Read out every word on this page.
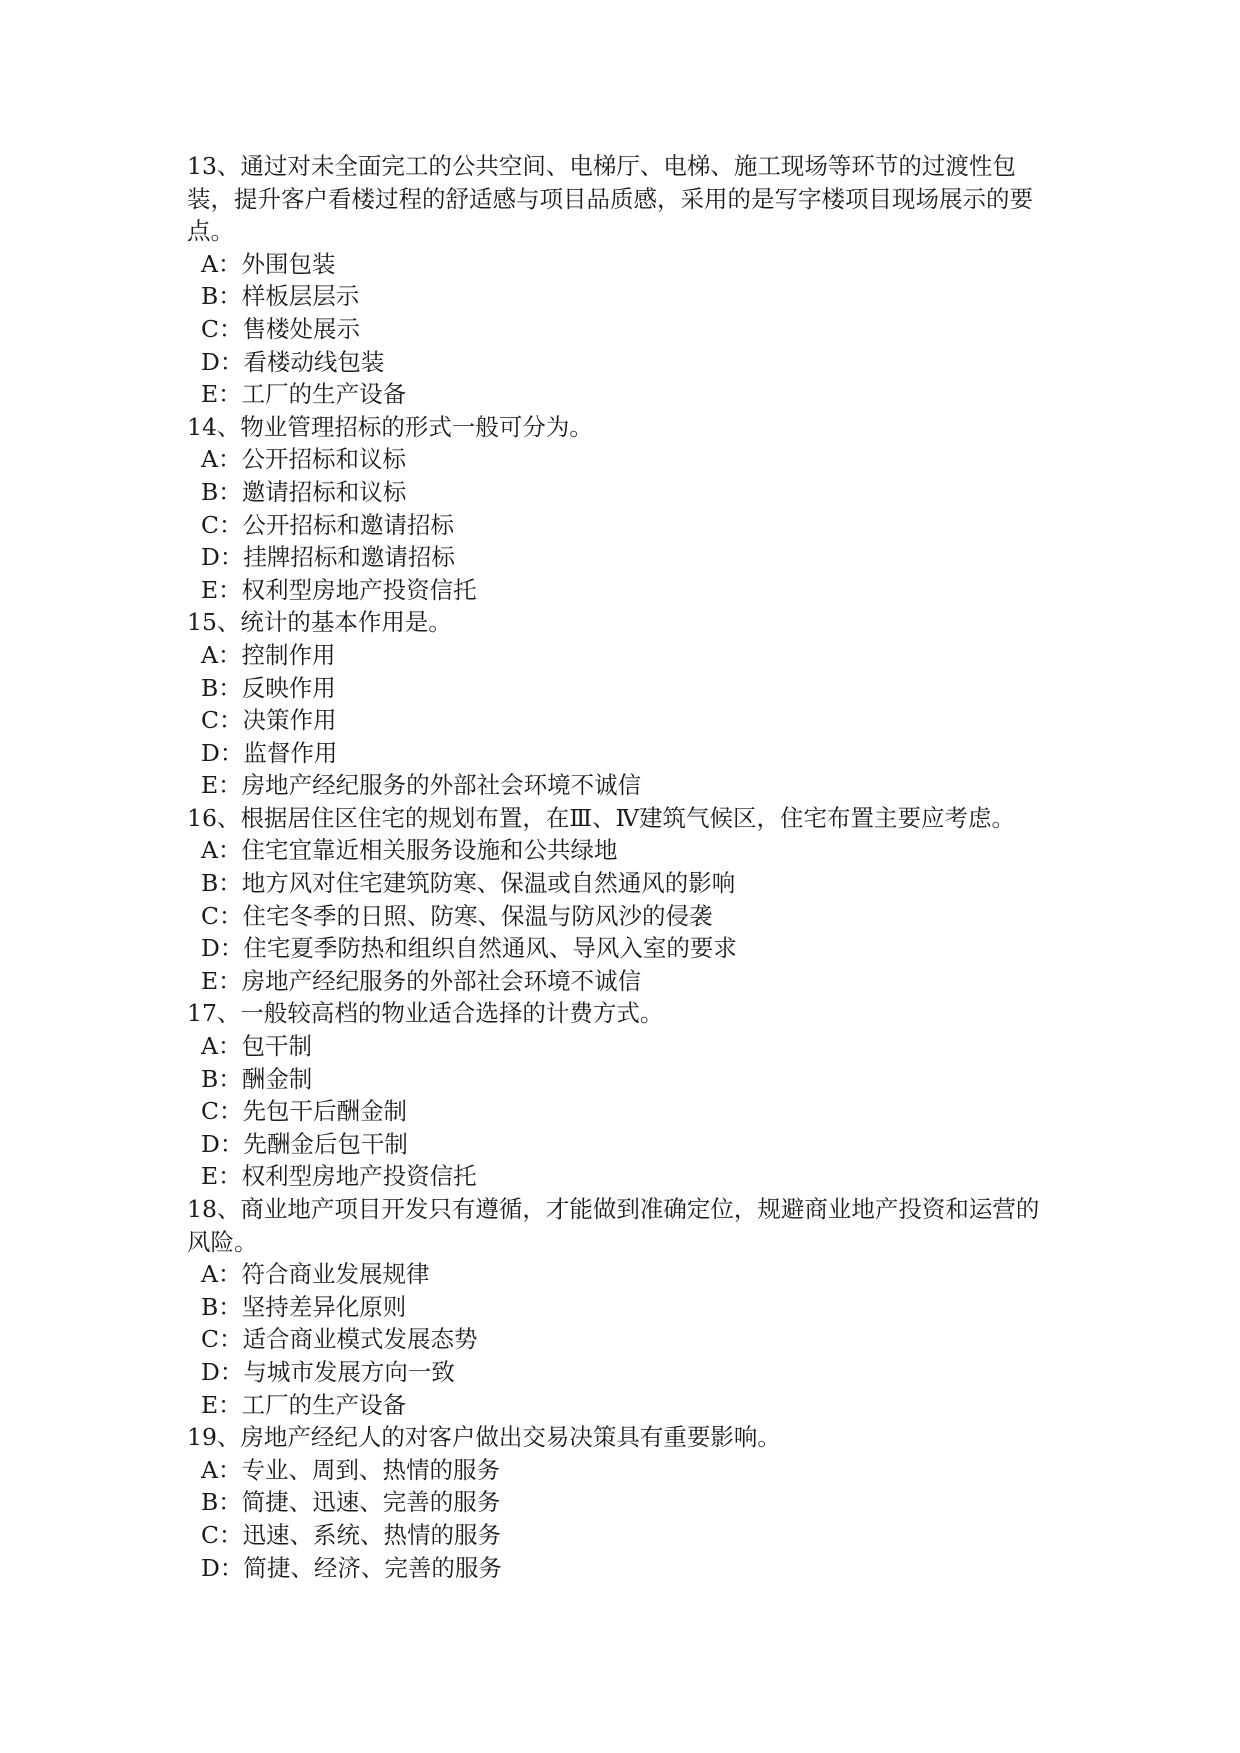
13、通过对未全面完工的公共空间、电梯厅、电梯、施工现场等环节的过渡性包装，提升客户看楼过程的舒适感与项目品质感，采用的是写字楼项目现场展示的要点。

A：外围包装

B：样板层层示

C：售楼处展示

D：看楼动线包装

E：工厂的生产设备

14、物业管理招标的形式一般可分为。

A：公开招标和议标

B：邀请招标和议标

C：公开招标和邀请招标

D：挂牌招标和邀请招标

E：权利型房地产投资信托

15、统计的基本作用是。

A：控制作用

B：反映作用

C：决策作用

D：监督作用

E：房地产经纪服务的外部社会环境不诚信

16、根据居住区住宅的规划布置，在Ⅲ、Ⅳ建筑气候区，住宅布置主要应考虑。

A：住宅宜靠近相关服务设施和公共绿地

B：地方风对住宅建筑防寒、保温或自然通风的影响

C：住宅冬季的日照、防寒、保温与防风沙的侵袭

D：住宅夏季防热和组织自然通风、导风入室的要求

E：房地产经纪服务的外部社会环境不诚信

17、一般较高档的物业适合选择的计费方式。

A：包干制

B：酬金制

C：先包干后酬金制

D：先酬金后包干制

E：权利型房地产投资信托

18、商业地产项目开发只有遵循，才能做到准确定位，规避商业地产投资和运营的风险。

A：符合商业发展规律

B：坚持差异化原则

C：适合商业模式发展态势

D：与城市发展方向一致

E：工厂的生产设备

19、房地产经纪人的对客户做出交易决策具有重要影响。

A：专业、周到、热情的服务

B：简捷、迅速、完善的服务

C：迅速、系统、热情的服务

D：简捷、经济、完善的服务
